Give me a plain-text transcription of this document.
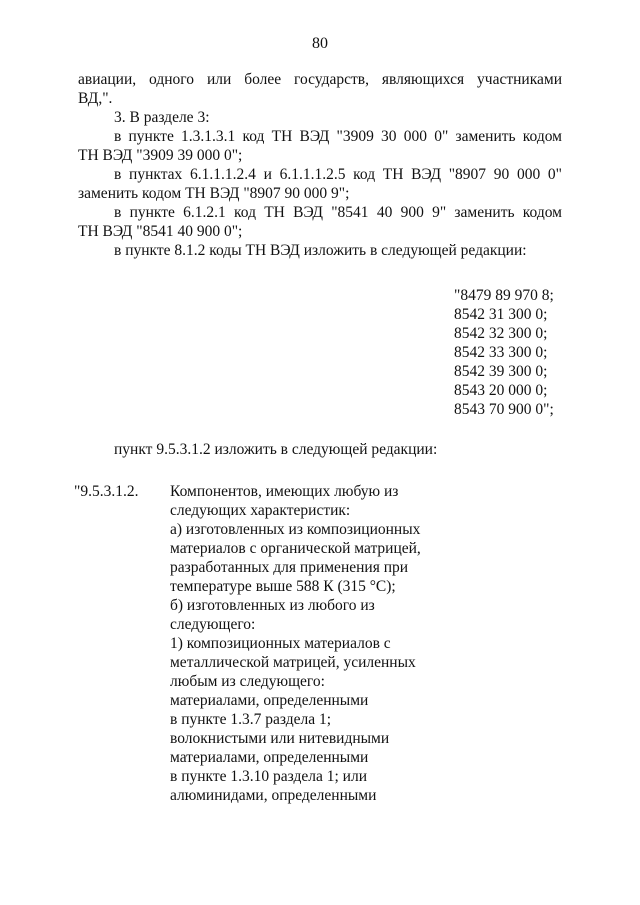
80

авиации, одного или более государств, являющихся участниками

ВД,".

3. В разделе 3:

в пункте 1.3.1.3.1 код ТН ВЭД "3909 30 000 0" заменить кодом

ТН ВЭД "3909 39 000 0";

в пунктах 6.1.1.1.2.4 и 6.1.1.1.2.5 код ТН ВЭД "8907 90 000 0"

заменить кодом ТН ВЭД "8907 90 000 9";

в пункте 6.1.2.1 код ТН ВЭД "8541 40 900 9" заменить кодом

ТН ВЭД "8541 40 900 0";

в пункте 8.1.2 коды ТН ВЭД изложить в следующей редакции:

"8479 89 970 8;

8542 31 300 0;

8542 32 300 0;

8542 33 300 0;

8542 39 300 0;

8543 20 000 0;

8543 70 900 0";

пункт 9.5.3.1.2 изложить в следующей редакции:

"9.5.3.1.2. Компонентов, имеющих любую из

следующих характеристик:

а) изготовленных из композиционных

материалов с органической матрицей,

разработанных для применения при

температуре выше 588 К (315 °С);

б) изготовленных из любого из

следующего:

1) композиционных материалов с

металлической матрицей, усиленных

любым из следующего:

материалами, определенными

в пункте 1.3.7 раздела 1;

волокнистыми или нитевидными

материалами, определенными

в пункте 1.3.10 раздела 1; или

алюминидами, определенными
